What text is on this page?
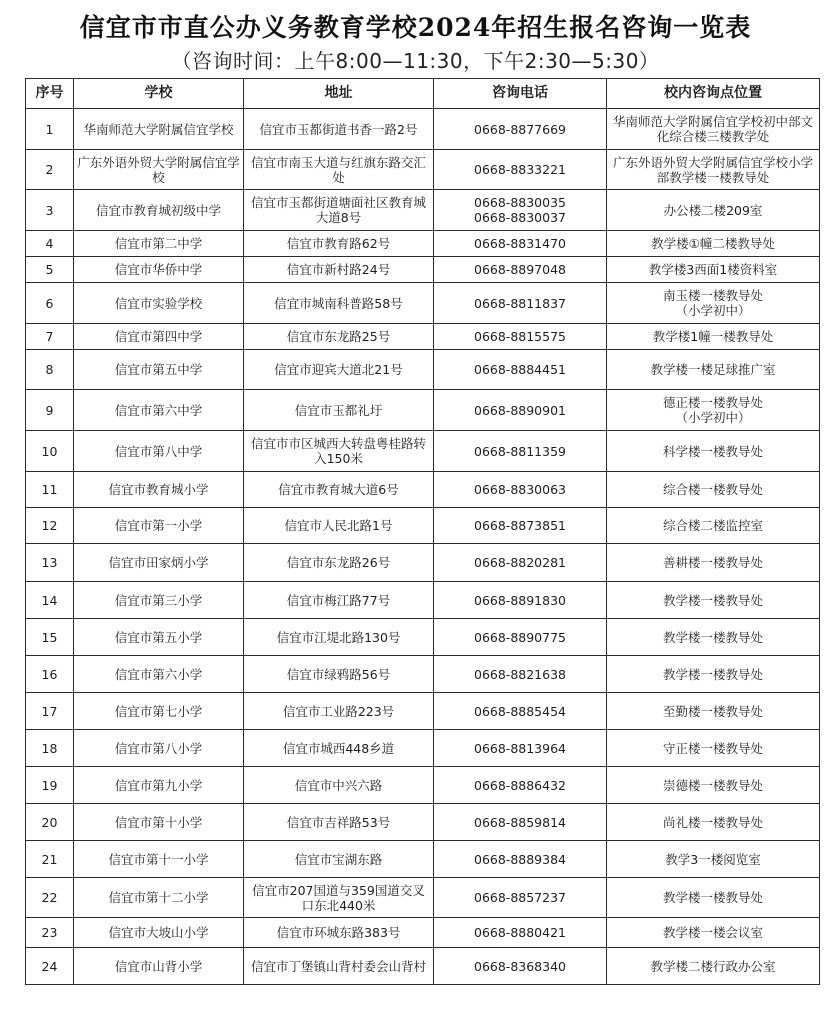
信宜市市直公办义务教育学校2024年招生报名咨询一览表
（咨询时间：上午8:00—11:30，下午2:30—5:30）
序号	学校	地址	咨询电话	校内咨询点位置

1	华南师范大学附属信宜学校	信宜市玉都街道书香一路2号	0668-8877669	华南师范大学附属信宜学校初中部文化综合楼三楼教学处

2	广东外语外贸大学附属信宜学校	信宜市南玉大道与红旗东路交汇处	0668-8833221	广东外语外贸大学附属信宜学校小学部教学楼一楼教导处

3	信宜市教育城初级中学	信宜市玉都街道塘面社区教育城大道8号	0668-8830035
0668-8830037	办公楼二楼209室

4	信宜市第二中学	信宜市教育路62号	0668-8831470	教学楼①幢二楼教导处

5	信宜市华侨中学	信宜市新村路24号	0668-8897048	教学楼3西面1楼资料室

6	信宜市实验学校	信宜市城南科普路58号	0668-8811837	南玉楼一楼教导处
（小学初中）

7	信宜市第四中学	信宜市东龙路25号	0668-8815575	教学楼1幢一楼教导处

8	信宜市第五中学	信宜市迎宾大道北21号	0668-8884451	教学楼一楼足球推广室

9	信宜市第六中学	信宜市玉都礼圩	0668-8890901	德正楼一楼教导处
（小学初中）

10	信宜市第八中学	信宜市市区城西大转盘粤桂路转入150米	0668-8811359	科学楼一楼教导处

11	信宜市教育城小学	信宜市教育城大道6号	0668-8830063	综合楼一楼教导处

12	信宜市第一小学	信宜市人民北路1号	0668-8873851	综合楼二楼监控室

13	信宜市田家炳小学	信宜市东龙路26号	0668-8820281	善耕楼一楼教导处

14	信宜市第三小学	信宜市梅江路77号	0668-8891830	教学楼一楼教导处

15	信宜市第五小学	信宜市江堤北路130号	0668-8890775	教学楼一楼教导处

16	信宜市第六小学	信宜市绿鸦路56号	0668-8821638	教学楼一楼教导处

17	信宜市第七小学	信宜市工业路223号	0668-8885454	至勤楼一楼教导处

18	信宜市第八小学	信宜市城西448乡道	0668-8813964	守正楼一楼教导处

19	信宜市第九小学	信宜市中兴六路	0668-8886432	崇德楼一楼教导处

20	信宜市第十小学	信宜市吉祥路53号	0668-8859814	尚礼楼一楼教导处

21	信宜市第十一小学	信宜市宝湖东路	0668-8889384	教学3一楼阅览室

22	信宜市第十二小学	信宜市207国道与359国道交叉口东北440米	0668-8857237	教学楼一楼教导处

23	信宜市大坡山小学	信宜市环城东路383号	0668-8880421	教学楼一楼会议室

24	信宜市山背小学	信宜市丁堡镇山背村委会山背村	0668-8368340	教学楼二楼行政办公室
